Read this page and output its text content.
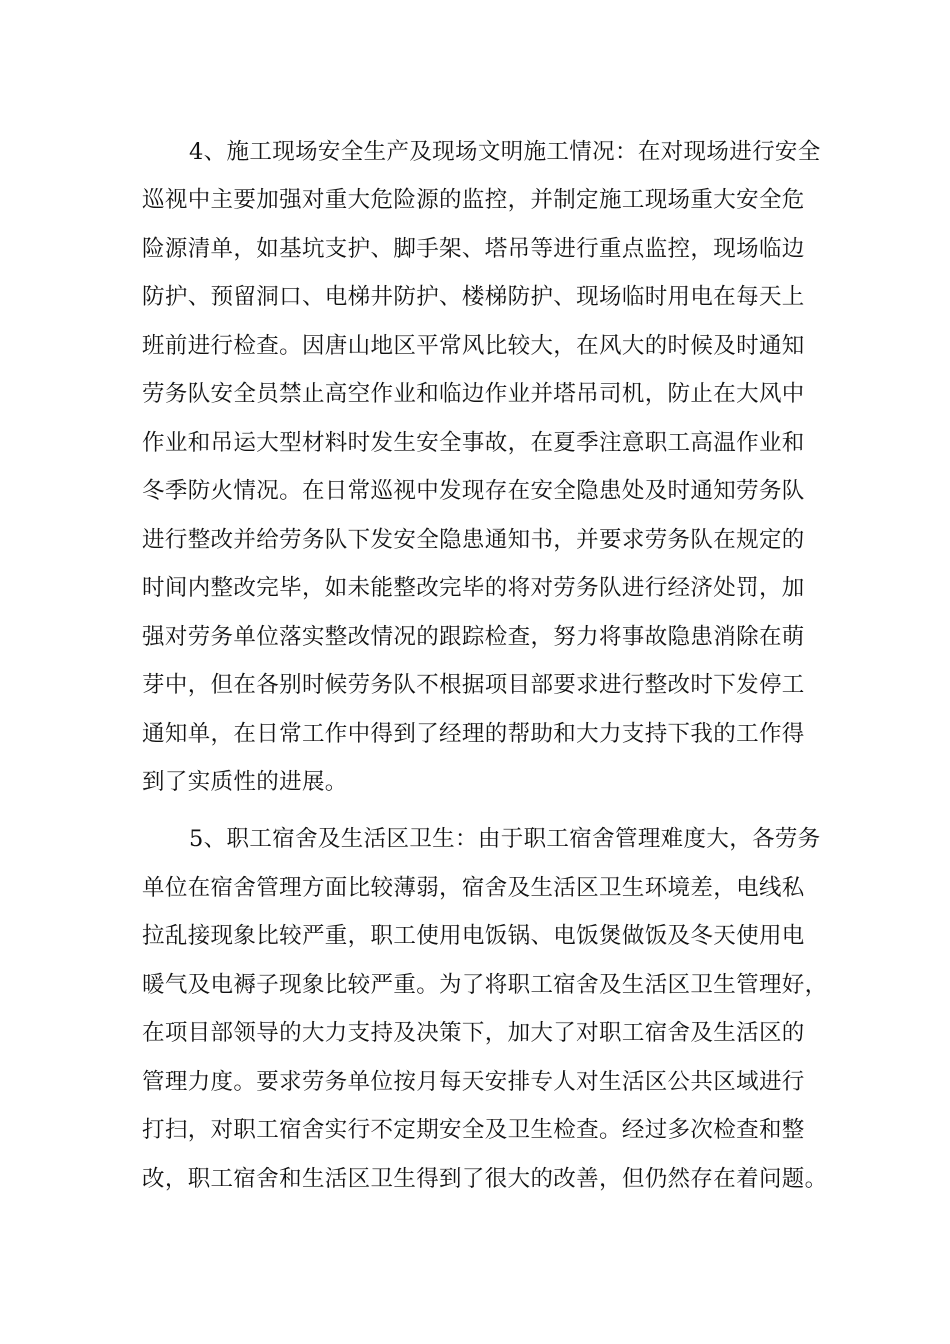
4、施工现场安全生产及现场文明施工情况：在对现场进行安全
巡视中主要加强对重大危险源的监控，并制定施工现场重大安全危
险源清单，如基坑支护、脚手架、塔吊等进行重点监控，现场临边
防护、预留洞口、电梯井防护、楼梯防护、现场临时用电在每天上
班前进行检查。因唐山地区平常风比较大，在风大的时候及时通知
劳务队安全员禁止高空作业和临边作业并塔吊司机，防止在大风中
作业和吊运大型材料时发生安全事故，在夏季注意职工高温作业和
冬季防火情况。在日常巡视中发现存在安全隐患处及时通知劳务队
进行整改并给劳务队下发安全隐患通知书，并要求劳务队在规定的
时间内整改完毕，如未能整改完毕的将对劳务队进行经济处罚，加
强对劳务单位落实整改情况的跟踪检查，努力将事故隐患消除在萌
芽中，但在各别时候劳务队不根据项目部要求进行整改时下发停工
通知单，在日常工作中得到了经理的帮助和大力支持下我的工作得
到了实质性的进展。
5、职工宿舍及生活区卫生：由于职工宿舍管理难度大，各劳务
单位在宿舍管理方面比较薄弱，宿舍及生活区卫生环境差，电线私
拉乱接现象比较严重，职工使用电饭锅、电饭煲做饭及冬天使用电
暖气及电褥子现象比较严重。为了将职工宿舍及生活区卫生管理好，
在项目部领导的大力支持及决策下，加大了对职工宿舍及生活区的
管理力度。要求劳务单位按月每天安排专人对生活区公共区域进行
打扫，对职工宿舍实行不定期安全及卫生检查。经过多次检查和整
改，职工宿舍和生活区卫生得到了很大的改善，但仍然存在着问题。
